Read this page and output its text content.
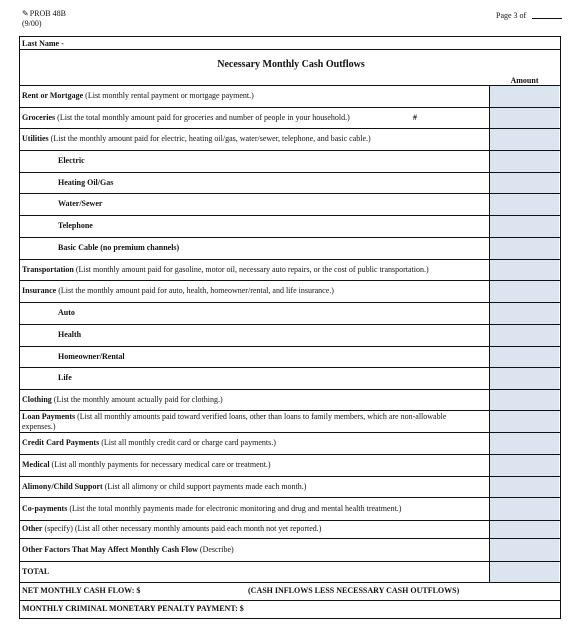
✎PROB 48B
(9/00)
Page 3 of
Last Name -
Necessary Monthly Cash Outflows
Amount
Rent or Mortgage (List monthly rental payment or mortgage payment.)
Groceries (List the total monthly amount paid for groceries and number of people in your household.)
Utilities (List the monthly amount paid for electric, heating oil/gas, water/sewer, telephone, and basic cable.)
Electric
Heating Oil/Gas
Water/Sewer
Telephone
Basic Cable (no premium channels)
Transportation (List monthly amount paid for gasoline, motor oil, necessary auto repairs, or the cost of public transportation.)
Insurance (List the monthly amount paid for auto, health, homeowner/rental, and life insurance.)
Auto
Health
Homeowner/Rental
Life
Clothing (List the monthly amount actually paid for clothing.)
Loan Payments (List all monthly amounts paid toward verified loans, other than loans to family members, which are non-allowable expenses.)
Credit Card Payments (List all monthly credit card or charge card payments.)
Medical (List all monthly payments for necessary medical care or treatment.)
Alimony/Child Support (List all alimony or child support payments made each month.)
Co-payments (List the total monthly payments made for electronic monitoring and drug and mental health treatment.)
Other (specify) (List all other necessary monthly amounts paid each month not yet reported.)
Other Factors That May Affect Monthly Cash Flow (Describe)
TOTAL
#
NET MONTHLY CASH FLOW: $	(CASH INFLOWS LESS NECESSARY CASH OUTFLOWS)
MONTHLY CRIMINAL MONETARY PENALTY PAYMENT: $
